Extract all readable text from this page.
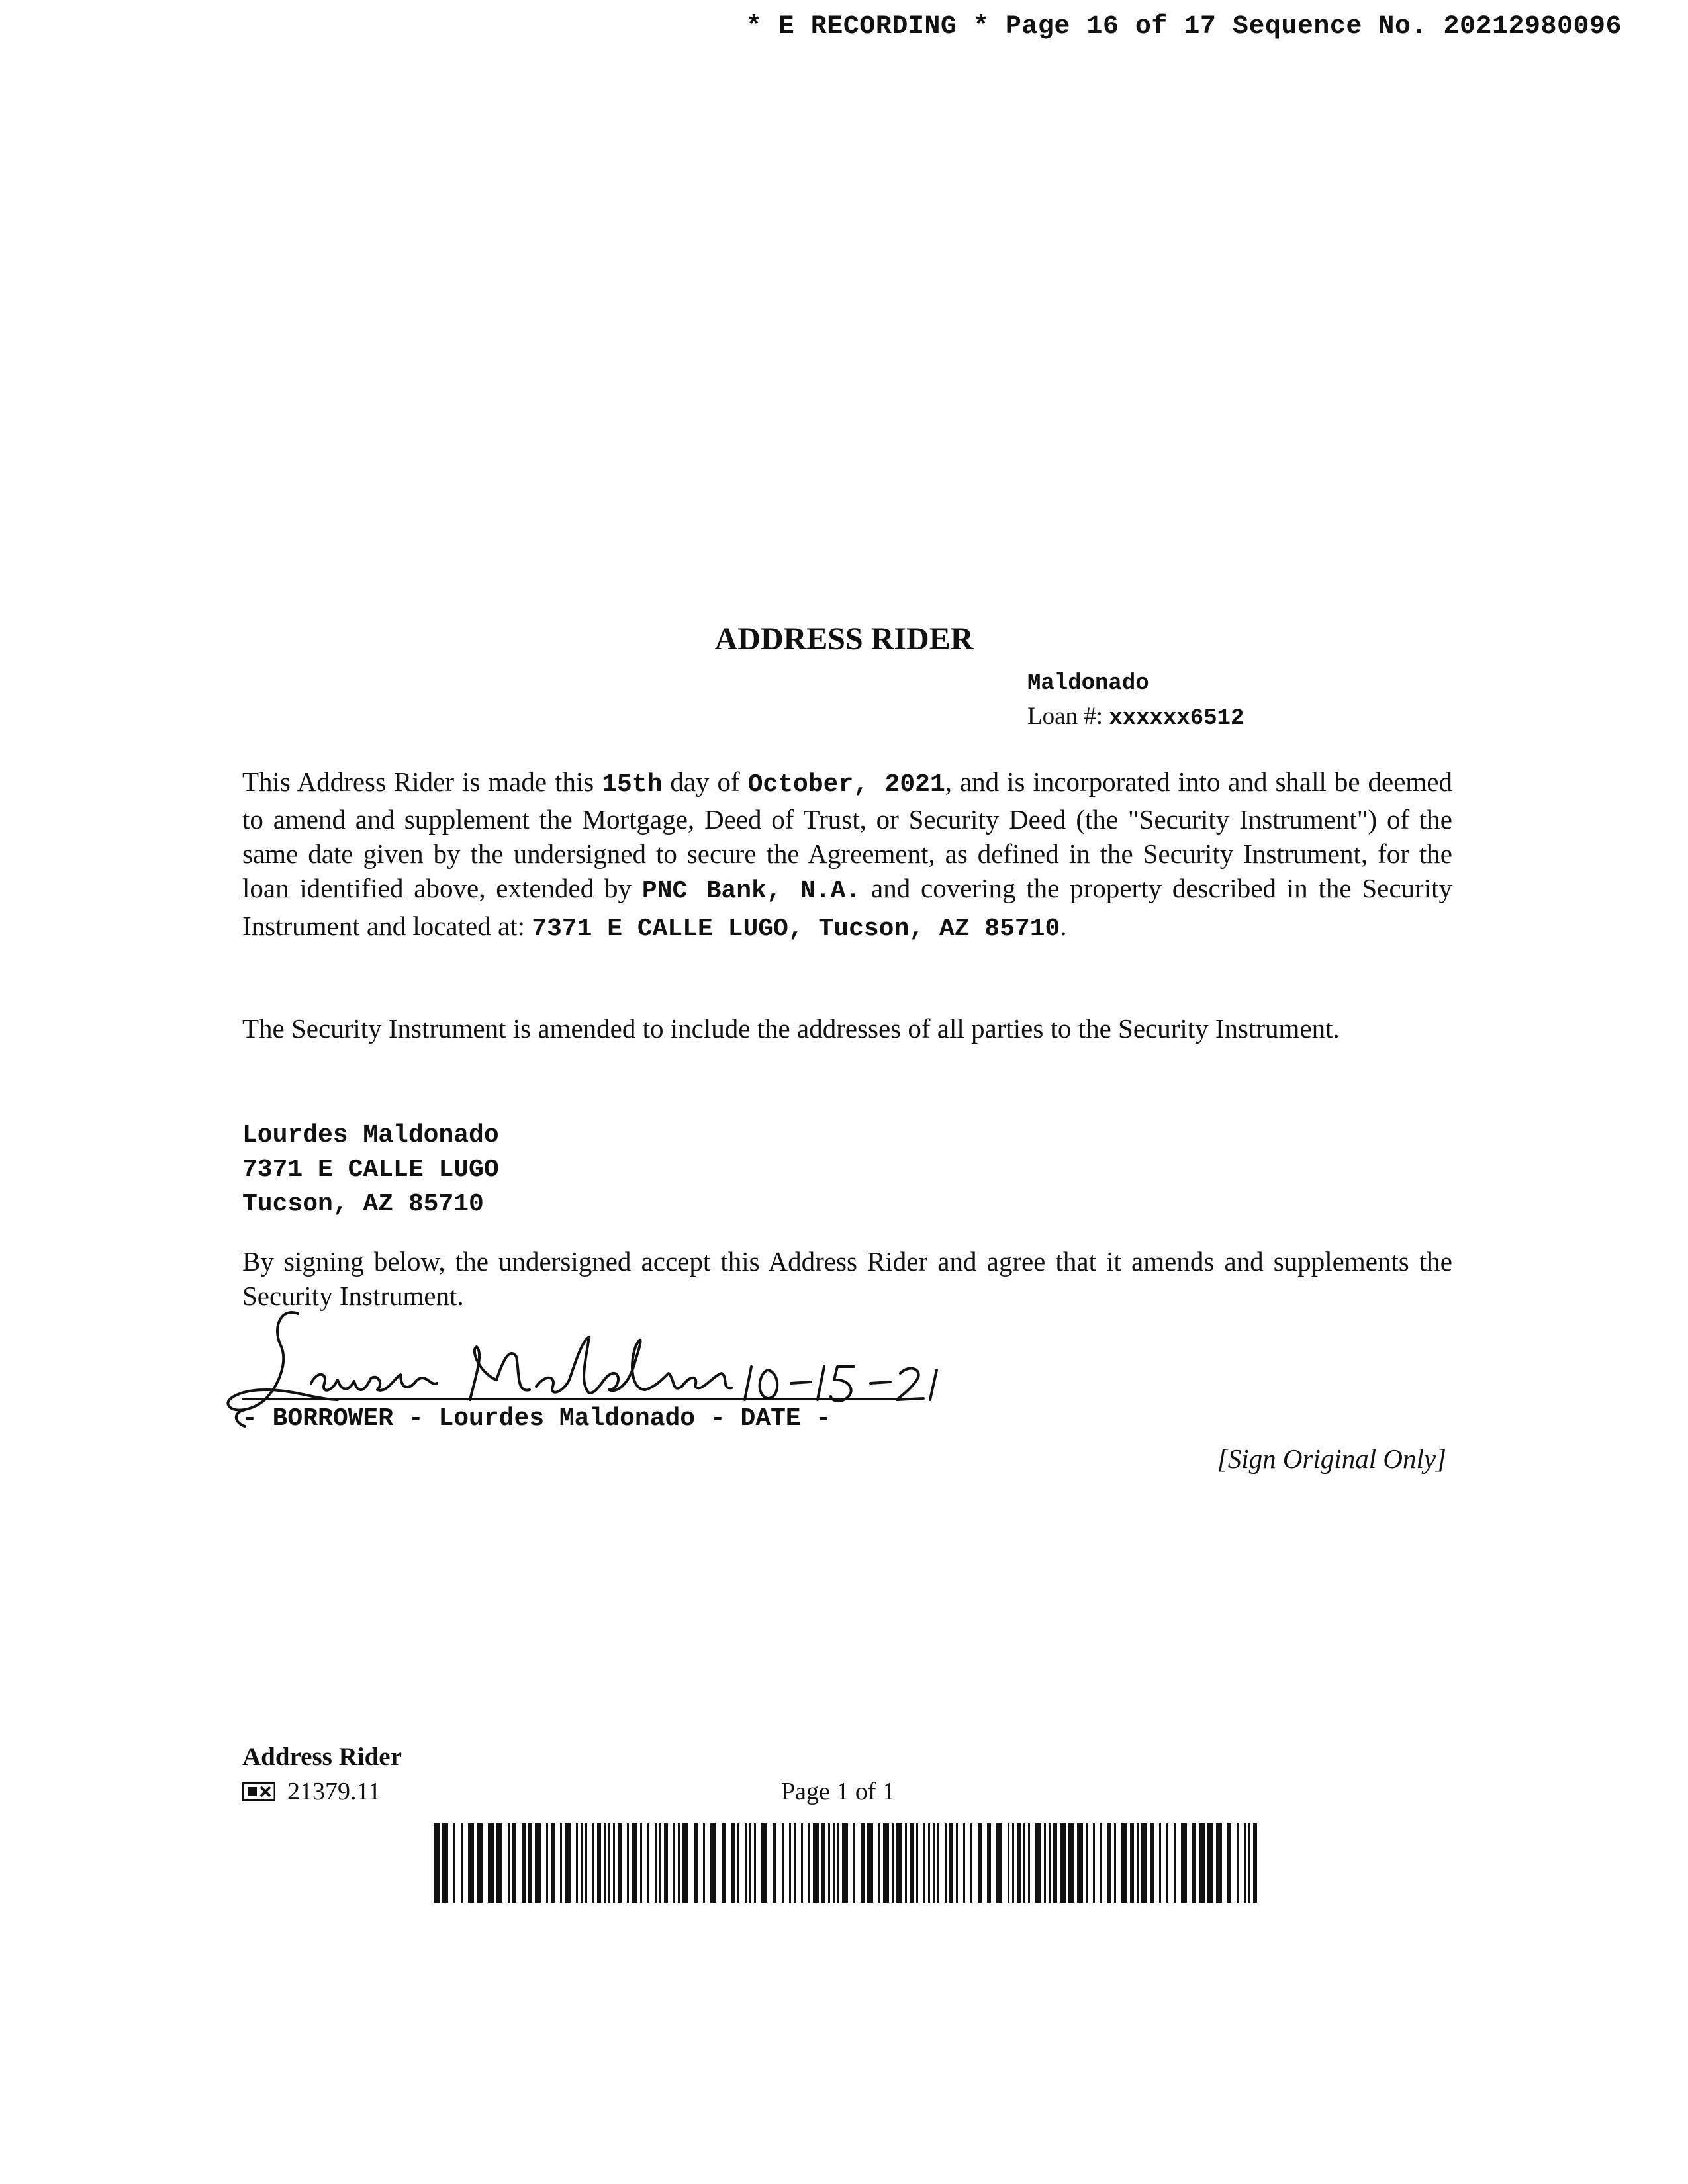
* E RECORDING * Page 16 of 17 Sequence No. 20212980096
ADDRESS RIDER
Maldonado
Loan #: xxxxxx6512
This Address Rider is made this 15th day of October, 2021, and is incorporated into and shall be deemed to amend and supplement the Mortgage, Deed of Trust, or Security Deed (the "Security Instrument") of the same date given by the undersigned to secure the Agreement, as defined in the Security Instrument, for the loan identified above, extended by PNC Bank, N.A. and covering the property described in the Security Instrument and located at: 7371 E CALLE LUGO, Tucson, AZ 85710.
The Security Instrument is amended to include the addresses of all parties to the Security Instrument.
Lourdes Maldonado
7371 E CALLE LUGO
Tucson, AZ 85710
By signing below, the undersigned accept this Address Rider and agree that it amends and supplements the Security Instrument.
- BORROWER - Lourdes Maldonado - DATE -
[Sign Original Only]
Address Rider
21379.11	Page 1 of 1
